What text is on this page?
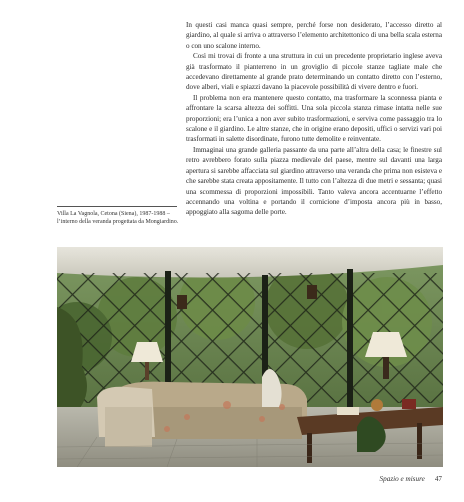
In questi casi manca quasi sempre, perché forse non desiderato, l’accesso diretto al giardino, al quale si arriva o attraverso l’elemento architettonico di una bella scala esterna o con uno scalone interno.

Così mi trovai di fronte a una struttura in cui un precedente proprietario inglese aveva già trasformato il pianterreno in un groviglio di piccole stanze tagliate male che accedevano direttamente al grande prato determinando un contatto diretto con l’esterno, dove alberi, viali e spiazzi davano la piacevole possibilità di vivere dentro e fuori.

Il problema non era mantenere questo contatto, ma trasformare la sconnessa pianta e affrontare la scarsa altezza dei soffitti. Una sola piccola stanza rimase intatta nelle sue proporzioni; era l’unica a non aver subito trasformazioni, e serviva come passaggio tra lo scalone e il giardino. Le altre stanze, che in origine erano depositi, uffici o servizi vari poi trasformati in salette disordinate, furono tutte demolite e reinventate.

Immaginai una grande galleria passante da una parte all’altra della casa; le finestre sul retro avrebbero forato sulla piazza medievale del paese, mentre sul davanti una larga apertura si sarebbe affacciata sul giardino attraverso una veranda che prima non esisteva e che sarebbe stata creata appositamente. Il tutto con l’altezza di due metri e sessanta; quasi una scommessa di proporzioni impossibili. Tanto valeva ancora accentuarne l’effetto accennando una voltina e portando il cornicione d’imposta ancora più in basso, appoggiato alla sagoma delle porte.

Villa La Vagnola, Cetona (Siena), 1987-1988 – l’interno della veranda progettata da Mongiardino.
Spazio e misure 47
